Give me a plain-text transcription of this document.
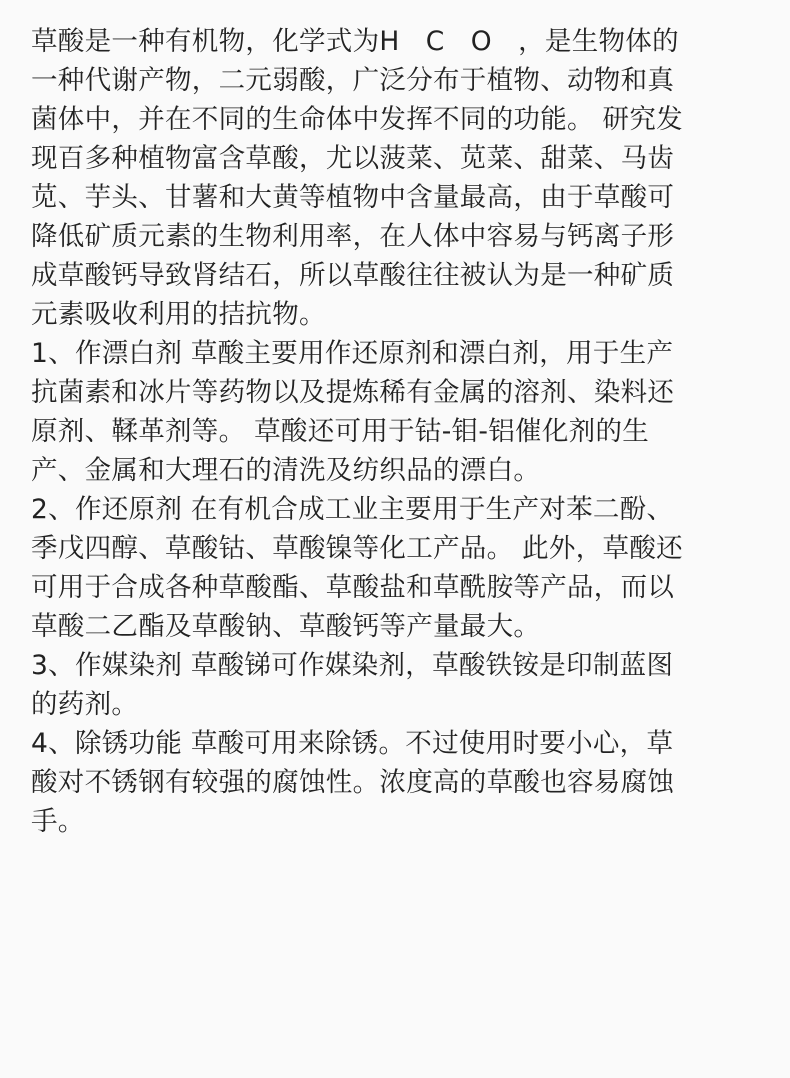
草酸是一种有机物，化学式为H   C   O   ，是生物体的
一种代谢产物，二元弱酸，广泛分布于植物、动物和真
菌体中，并在不同的生命体中发挥不同的功能。 研究发
现百多种植物富含草酸，尤以菠菜、苋菜、甜菜、马齿
苋、芋头、甘薯和大黄等植物中含量最高，由于草酸可
降低矿质元素的生物利用率，在人体中容易与钙离子形
成草酸钙导致肾结石，所以草酸往往被认为是一种矿质
元素吸收利用的拮抗物。
1、作漂白剂 草酸主要用作还原剂和漂白剂，用于生产
抗菌素和冰片等药物以及提炼稀有金属的溶剂、染料还
原剂、鞣革剂等。 草酸还可用于钴-钼-铝催化剂的生
产、金属和大理石的清洗及纺织品的漂白。
2、作还原剂 在有机合成工业主要用于生产对苯二酚、
季戊四醇、草酸钴、草酸镍等化工产品。 此外，草酸还
可用于合成各种草酸酯、草酸盐和草酰胺等产品，而以
草酸二乙酯及草酸钠、草酸钙等产量最大。
3、作媒染剂 草酸锑可作媒染剂，草酸铁铵是印制蓝图
的药剂。
4、除锈功能 草酸可用来除锈。不过使用时要小心，草
酸对不锈钢有较强的腐蚀性。浓度高的草酸也容易腐蚀
手。
